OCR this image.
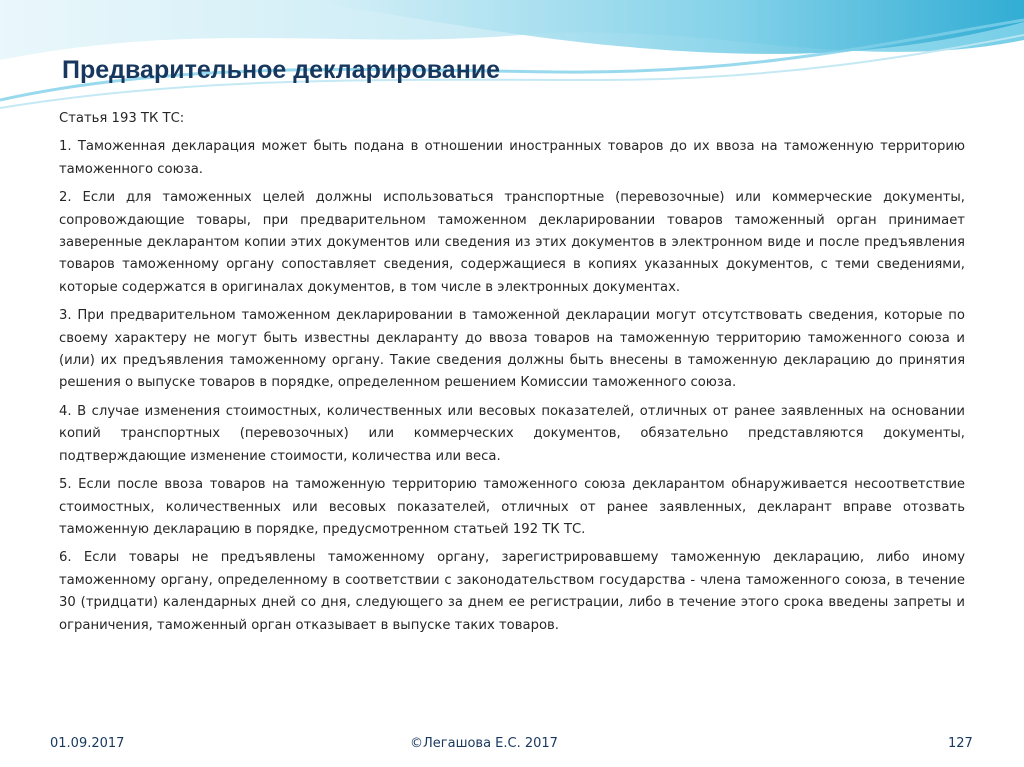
Предварительное декларирование

Статья 193 ТК ТС:

1. Таможенная декларация может быть подана в отношении иностранных товаров до их ввоза на таможенную территорию таможенного союза.

2. Если для таможенных целей должны использоваться транспортные (перевозочные) или коммерческие документы, сопровождающие товары, при предварительном таможенном декларировании товаров таможенный орган принимает заверенные декларантом копии этих документов или сведения из этих документов в электронном виде и после предъявления товаров таможенному органу сопоставляет сведения, содержащиеся в копиях указанных документов, с теми сведениями, которые содержатся в оригиналах документов, в том числе в электронных документах.

3. При предварительном таможенном декларировании в таможенной декларации могут отсутствовать сведения, которые по своему характеру не могут быть известны декларанту до ввоза товаров на таможенную территорию таможенного союза и (или) их предъявления таможенному органу. Такие сведения должны быть внесены в таможенную декларацию до принятия решения о выпуске товаров в порядке, определенном решением Комиссии таможенного союза.

4. В случае изменения стоимостных, количественных или весовых показателей, отличных от ранее заявленных на основании копий транспортных (перевозочных) или коммерческих документов, обязательно представляются документы, подтверждающие изменение стоимости, количества или веса.

5. Если после ввоза товаров на таможенную территорию таможенного союза декларантом обнаруживается несоответствие стоимостных, количественных или весовых показателей, отличных от ранее заявленных, декларант вправе отозвать таможенную декларацию в порядке, предусмотренном статьей 192 ТК ТС.

6. Если товары не предъявлены таможенному органу, зарегистрировавшему таможенную декларацию, либо иному таможенному органу, определенному в соответствии с законодательством государства - члена таможенного союза, в течение 30 (тридцати) календарных дней со дня, следующего за днем ее регистрации, либо в течение этого срока введены запреты и ограничения, таможенный орган отказывает в выпуске таких товаров.

01.09.2017	©Легашова Е.С. 2017	127
